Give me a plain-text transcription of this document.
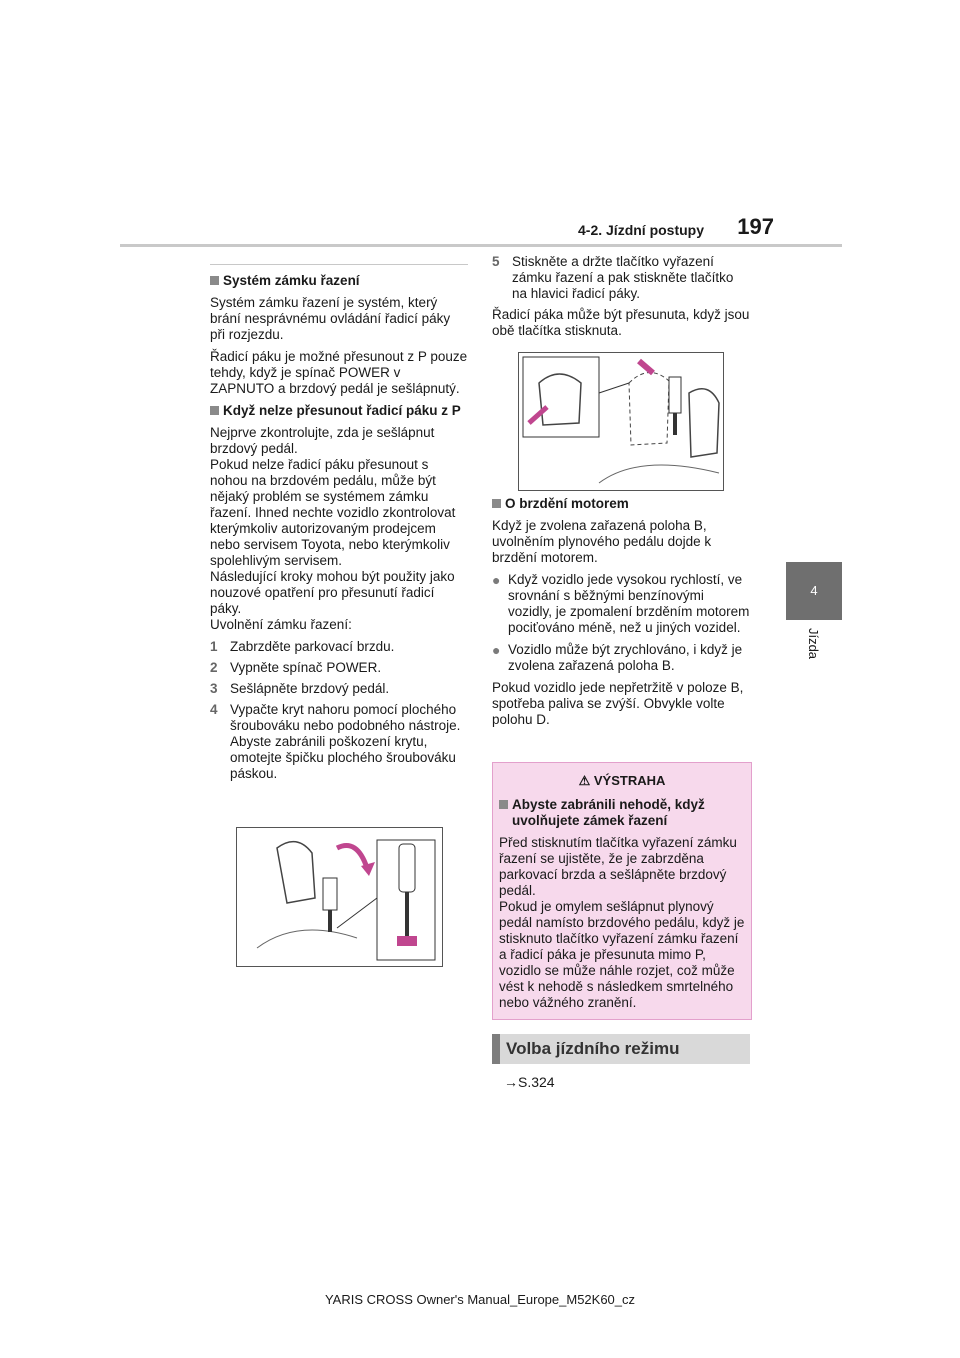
4-2. Jízdní postupy 197
4
Jízda
Systém zámku řazení

Systém zámku řazení je systém, který brání nesprávnému ovládání řadicí páky při rozjezdu.

Řadicí páku je možné přesunout z P pouze tehdy, když je spínač POWER v ZAPNUTO a brzdový pedál je sešlápnutý.

Když nelze přesunout řadicí páku z P

Nejprve zkontrolujte, zda je sešlápnut brzdový pedál.

Pokud nelze řadicí páku přesunout s nohou na brzdovém pedálu, může být nějaký problém se systémem zámku řazení. Ihned nechte vozidlo zkontrolovat kterýmkoliv autorizovaným prodejcem nebo servisem Toyota, nebo kterýmkoliv spolehlivým servisem.

Následující kroky mohou být použity jako nouzové opatření pro přesunutí řadicí páky.

Uvolnění zámku řazení:

1 Zabrzděte parkovací brzdu.
2 Vypněte spínač POWER.
3 Sešlápněte brzdový pedál.
4 Vypačte kryt nahoru pomocí plochého šroubováku nebo podobného nástroje.
Abyste zabránili poškození krytu, omotejte špičku plochého šroubováku páskou.
5 Stiskněte a držte tlačítko vyřazení zámku řazení a pak stiskněte tlačítko na hlavici řadicí páky.

Řadicí páka může být přesunuta, když jsou obě tlačítka stisknuta.

O brzdění motorem

Když je zvolena zařazená poloha B, uvolněním plynového pedálu dojde k brzdění motorem.

● Když vozidlo jede vysokou rychlostí, ve srovnání s běžnými benzínovými vozidly, je zpomalení brzděním motorem pociťováno méně, než u jiných vozidel.
● Vozidlo může být zrychlováno, i když je zvolena zařazená poloha B.

Pokud vozidlo jede nepřetržitě v poloze B, spotřeba paliva se zvýší. Obvykle volte polohu D.

⚠ VÝSTRAHA
Abyste zabránili nehodě, když uvolňujete zámek řazení

Před stisknutím tlačítka vyřazení zámku řazení se ujistěte, že je zabrzděna parkovací brzda a sešlápněte brzdový pedál.

Pokud je omylem sešlápnut plynový pedál namísto brzdového pedálu, když je stisknuto tlačítko vyřazení zámku řazení a řadicí páka je přesunuta mimo P, vozidlo se může náhle rozjet, což může vést k nehodě s následkem smrtelného nebo vážného zranění.

Volba jízdního režimu
→S.324
YARIS CROSS Owner's Manual_Europe_M52K60_cz
